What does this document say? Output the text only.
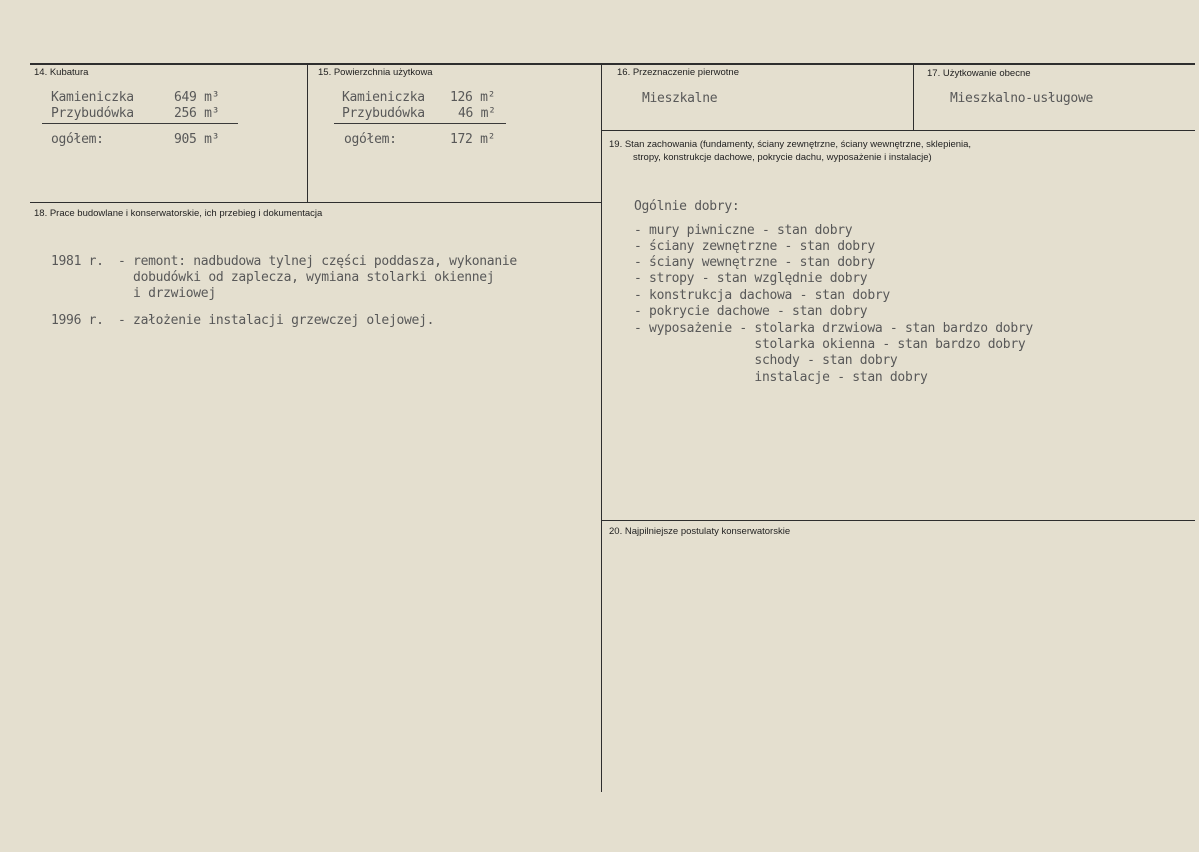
14. Kubatura
Kamieniczka	649 m³
Przybudówka	256 m³
ogółem:	905 m³
15. Powierzchnia użytkowa
Kamieniczka 126 m²
Przybudówka	46 m²
ogółem:	172 m²
16. Przeznaczenie pierwotne
Mieszkalne
17. Użytkowanie obecne
Mieszkalno-usługowe
18. Prace budowlane i konserwatorskie, ich przebieg i dokumentacja
1981 r. - remont: nadbudowa tylnej części poddasza, wykonanie
dobudówki od zaplecza, wymiana stolarki okiennej
i drzwiowej
1996 r. - założenie instalacji grzewczej olejowej.
19. Stan zachowania (fundamenty, ściany zewnętrzne, ściany wewnętrzne, sklepienia,
stropy, konstrukcje dachowe, pokrycie dachu, wyposażenie i instalacje)
Ogólnie dobry:
- mury piwniczne - stan dobry
- ściany zewnętrzne - stan dobry
- ściany wewnętrzne - stan dobry
- stropy - stan względnie dobry
- konstrukcja dachowa - stan dobry
- pokrycie dachowe - stan dobry
- wyposażenie - stolarka drzwiowa - stan bardzo dobry
stolarka okienna - stan bardzo dobry
schody - stan dobry
instalacje - stan dobry
20. Najpilniejsze postulaty konserwatorskie
